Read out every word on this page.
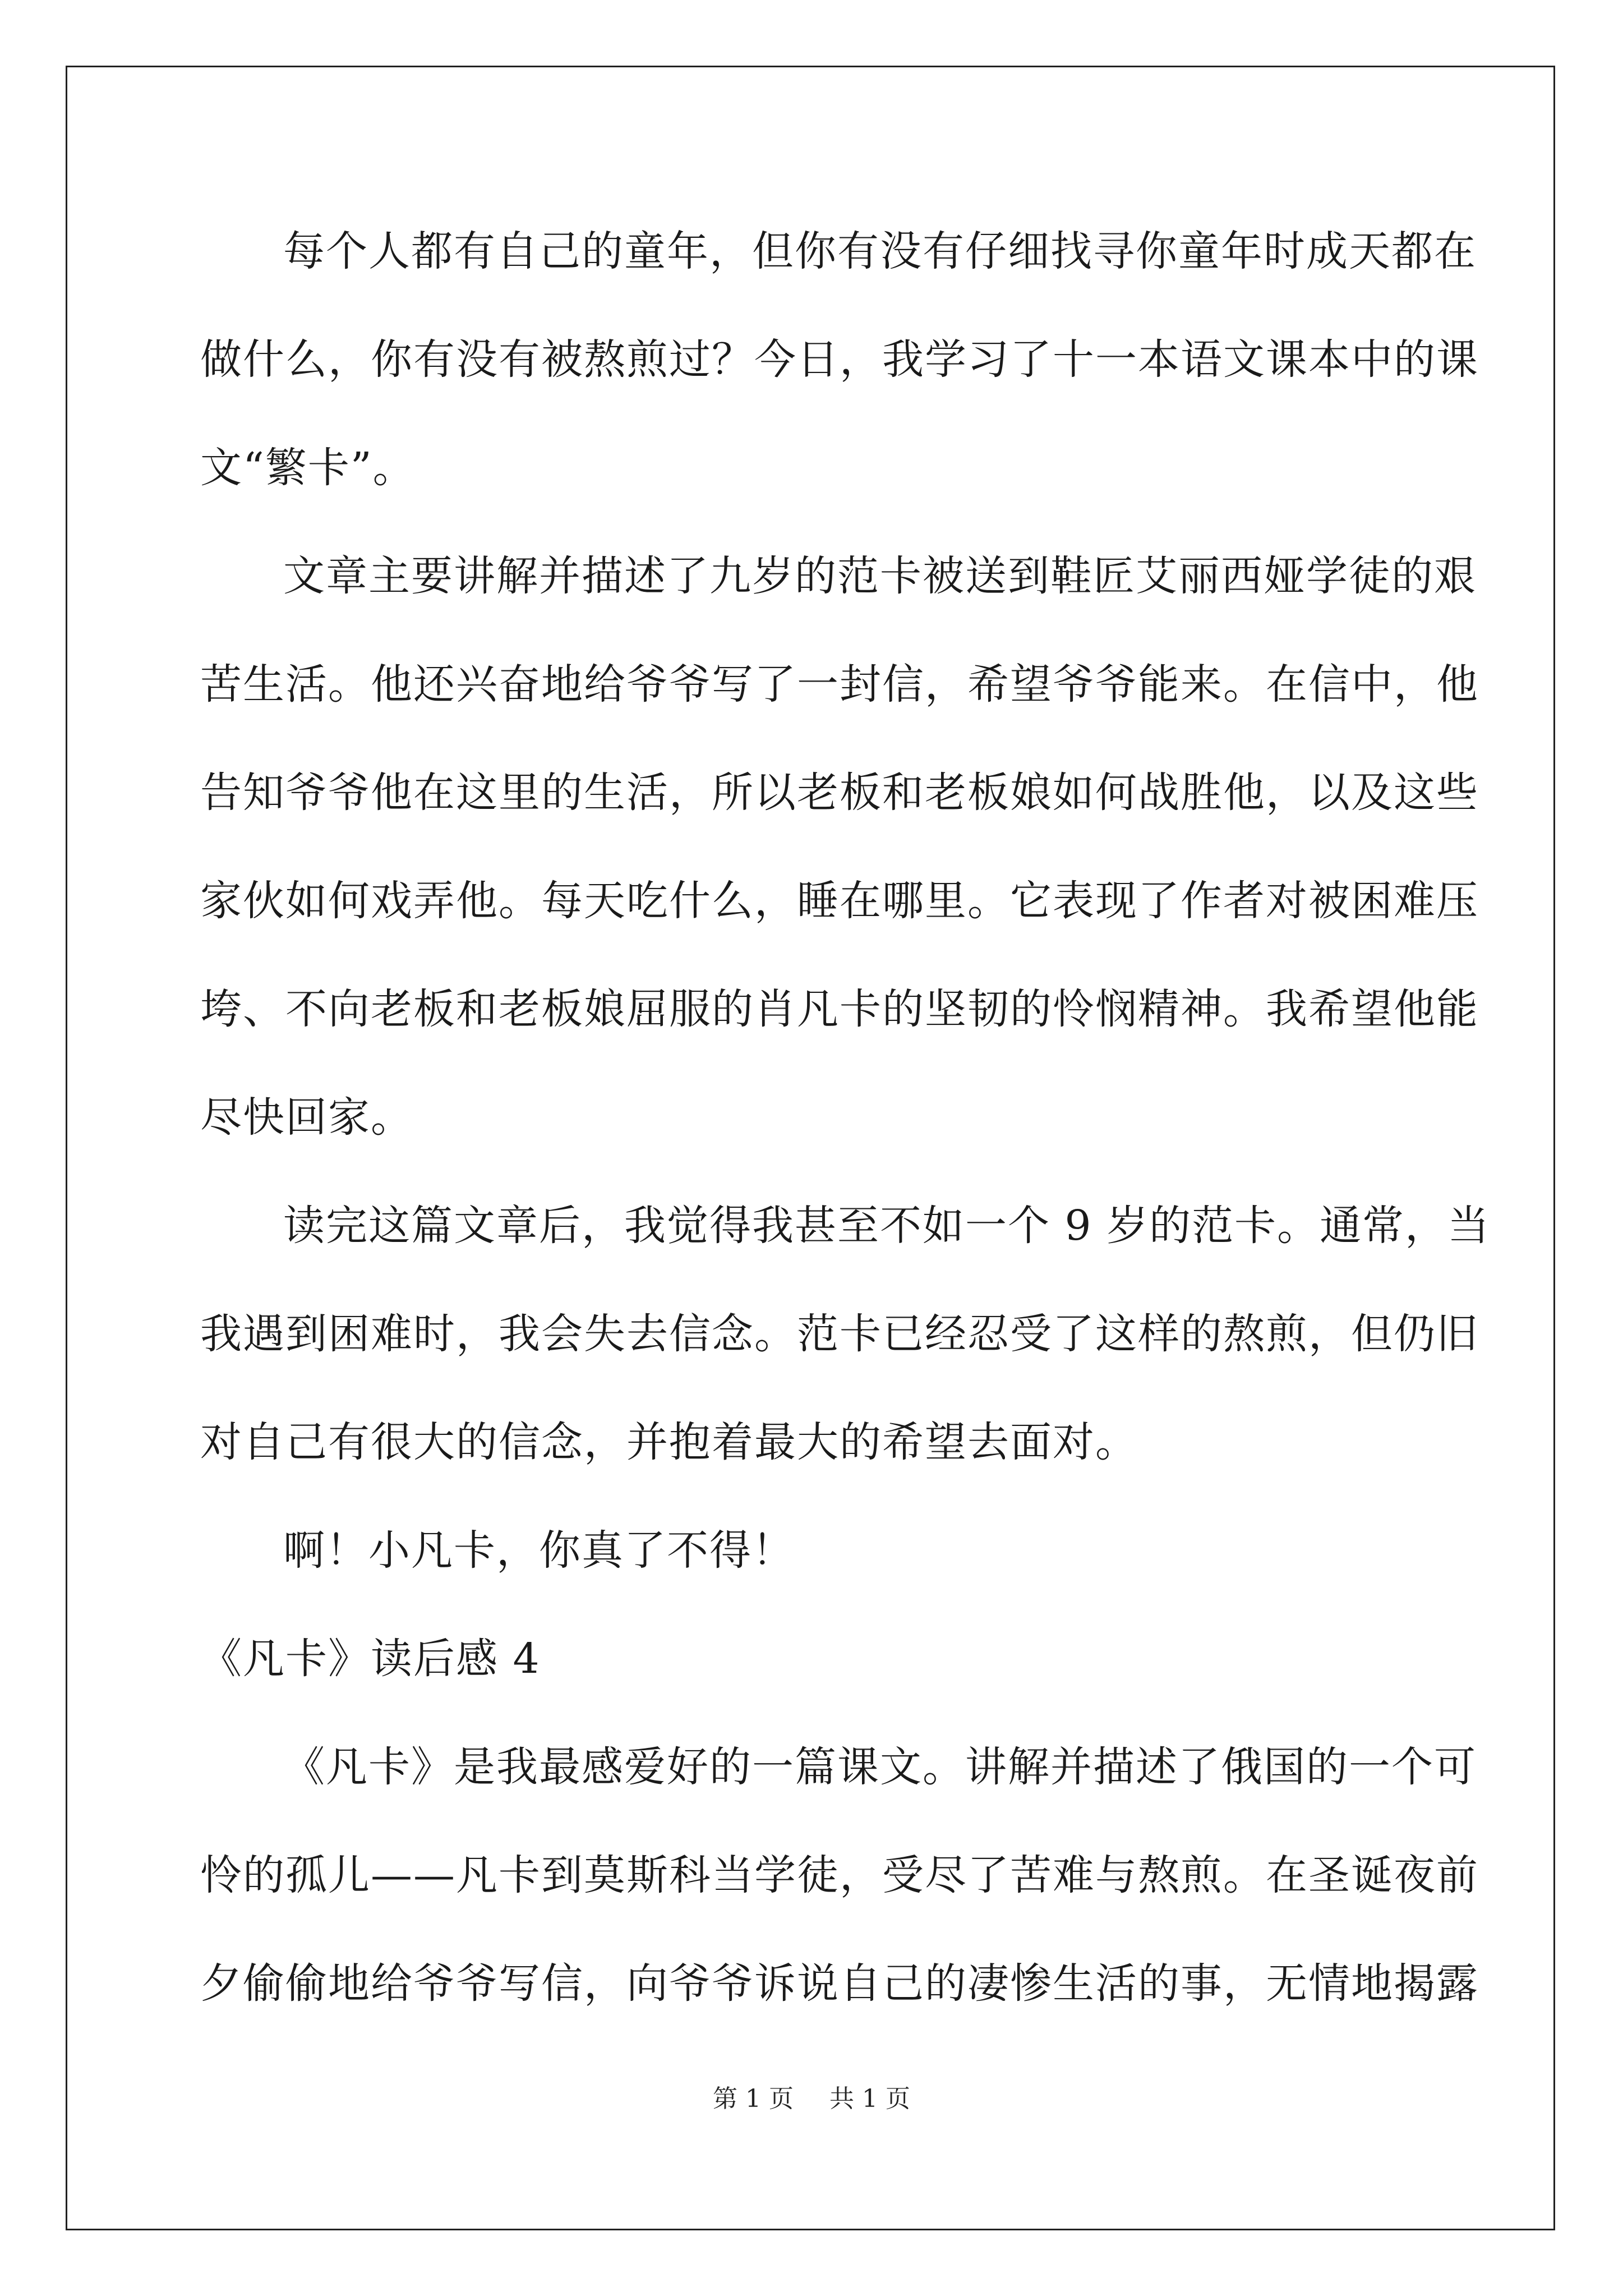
每个人都有自己的童年，但你有没有仔细找寻你童年时成天都在
做什么，你有没有被熬煎过？今日，我学习了十一本语文课本中的课
文“繁卡”。
文章主要讲解并描述了九岁的范卡被送到鞋匠艾丽西娅学徒的艰
苦生活。他还兴奋地给爷爷写了一封信，希望爷爷能来。在信中，他
告知爷爷他在这里的生活，所以老板和老板娘如何战胜他，以及这些
家伙如何戏弄他。每天吃什么，睡在哪里。它表现了作者对被困难压
垮、不向老板和老板娘屈服的肖凡卡的坚韧的怜悯精神。我希望他能
尽快回家。
读完这篇文章后，我觉得我甚至不如一个 9 岁的范卡。通常，当
我遇到困难时，我会失去信念。范卡已经忍受了这样的熬煎，但仍旧
对自己有很大的信念，并抱着最大的希望去面对。
啊！小凡卡，你真了不得！
《凡卡》读后感 4
《凡卡》是我最感爱好的一篇课文。讲解并描述了俄国的一个可
怜的孤儿——凡卡到莫斯科当学徒，受尽了苦难与熬煎。在圣诞夜前
夕偷偷地给爷爷写信，向爷爷诉说自己的凄惨生活的事，无情地揭露
第 1 页 共 1 页
